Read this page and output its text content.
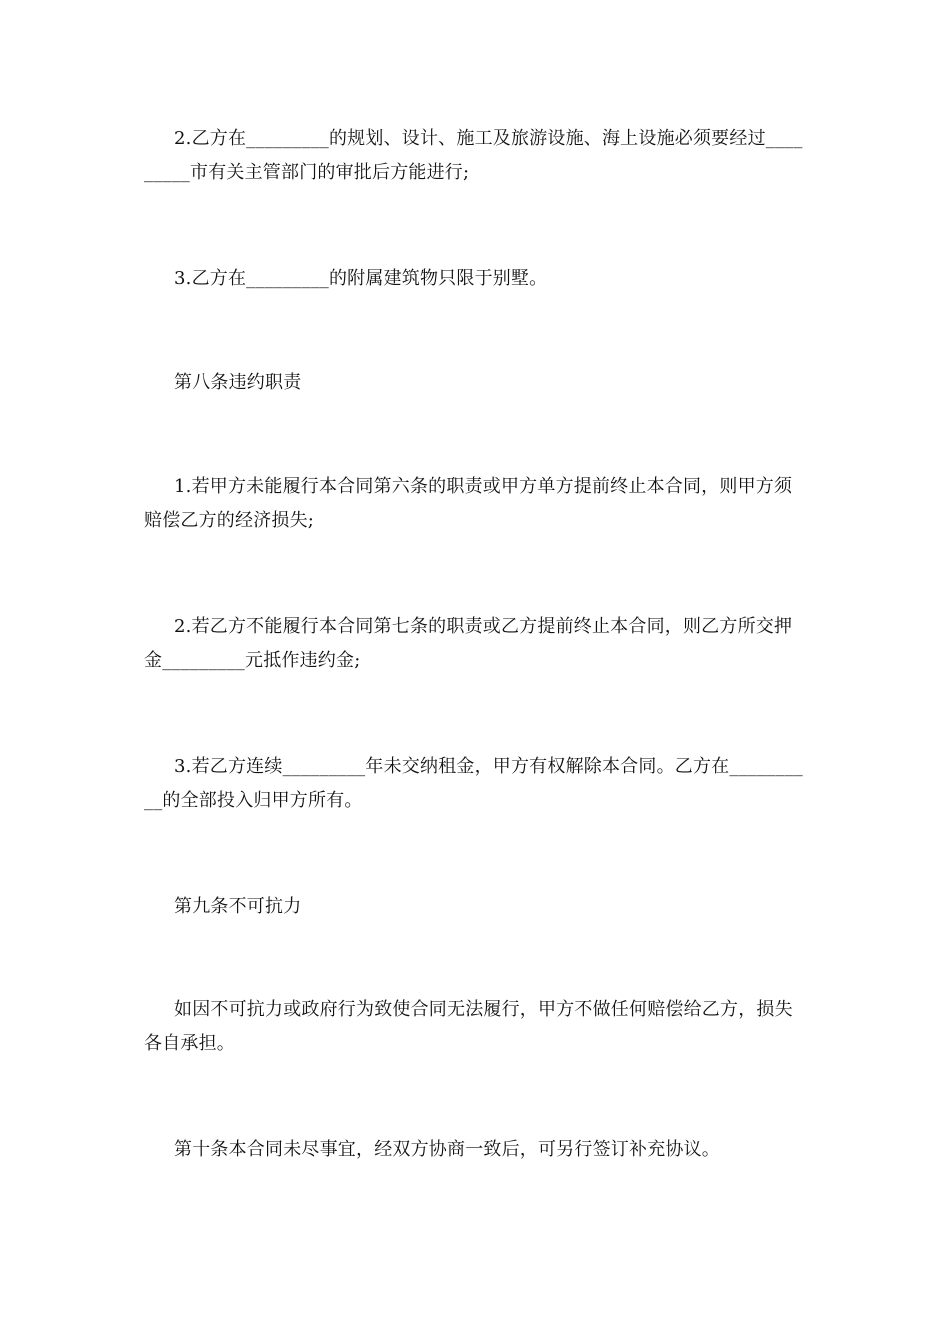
2.乙方在_________的规划、设计、施工及旅游设施、海上设施必须要经过_________市有关主管部门的审批后方能进行;

3.乙方在_________的附属建筑物只限于别墅。

第八条违约职责

1.若甲方未能履行本合同第六条的职责或甲方单方提前终止本合同，则甲方须赔偿乙方的经济损失;

2.若乙方不能履行本合同第七条的职责或乙方提前终止本合同，则乙方所交押金_________元抵作违约金;

3.若乙方连续_________年未交纳租金，甲方有权解除本合同。乙方在__________的全部投入归甲方所有。

第九条不可抗力

如因不可抗力或政府行为致使合同无法履行，甲方不做任何赔偿给乙方，损失各自承担。

第十条本合同未尽事宜，经双方协商一致后，可另行签订补充协议。
